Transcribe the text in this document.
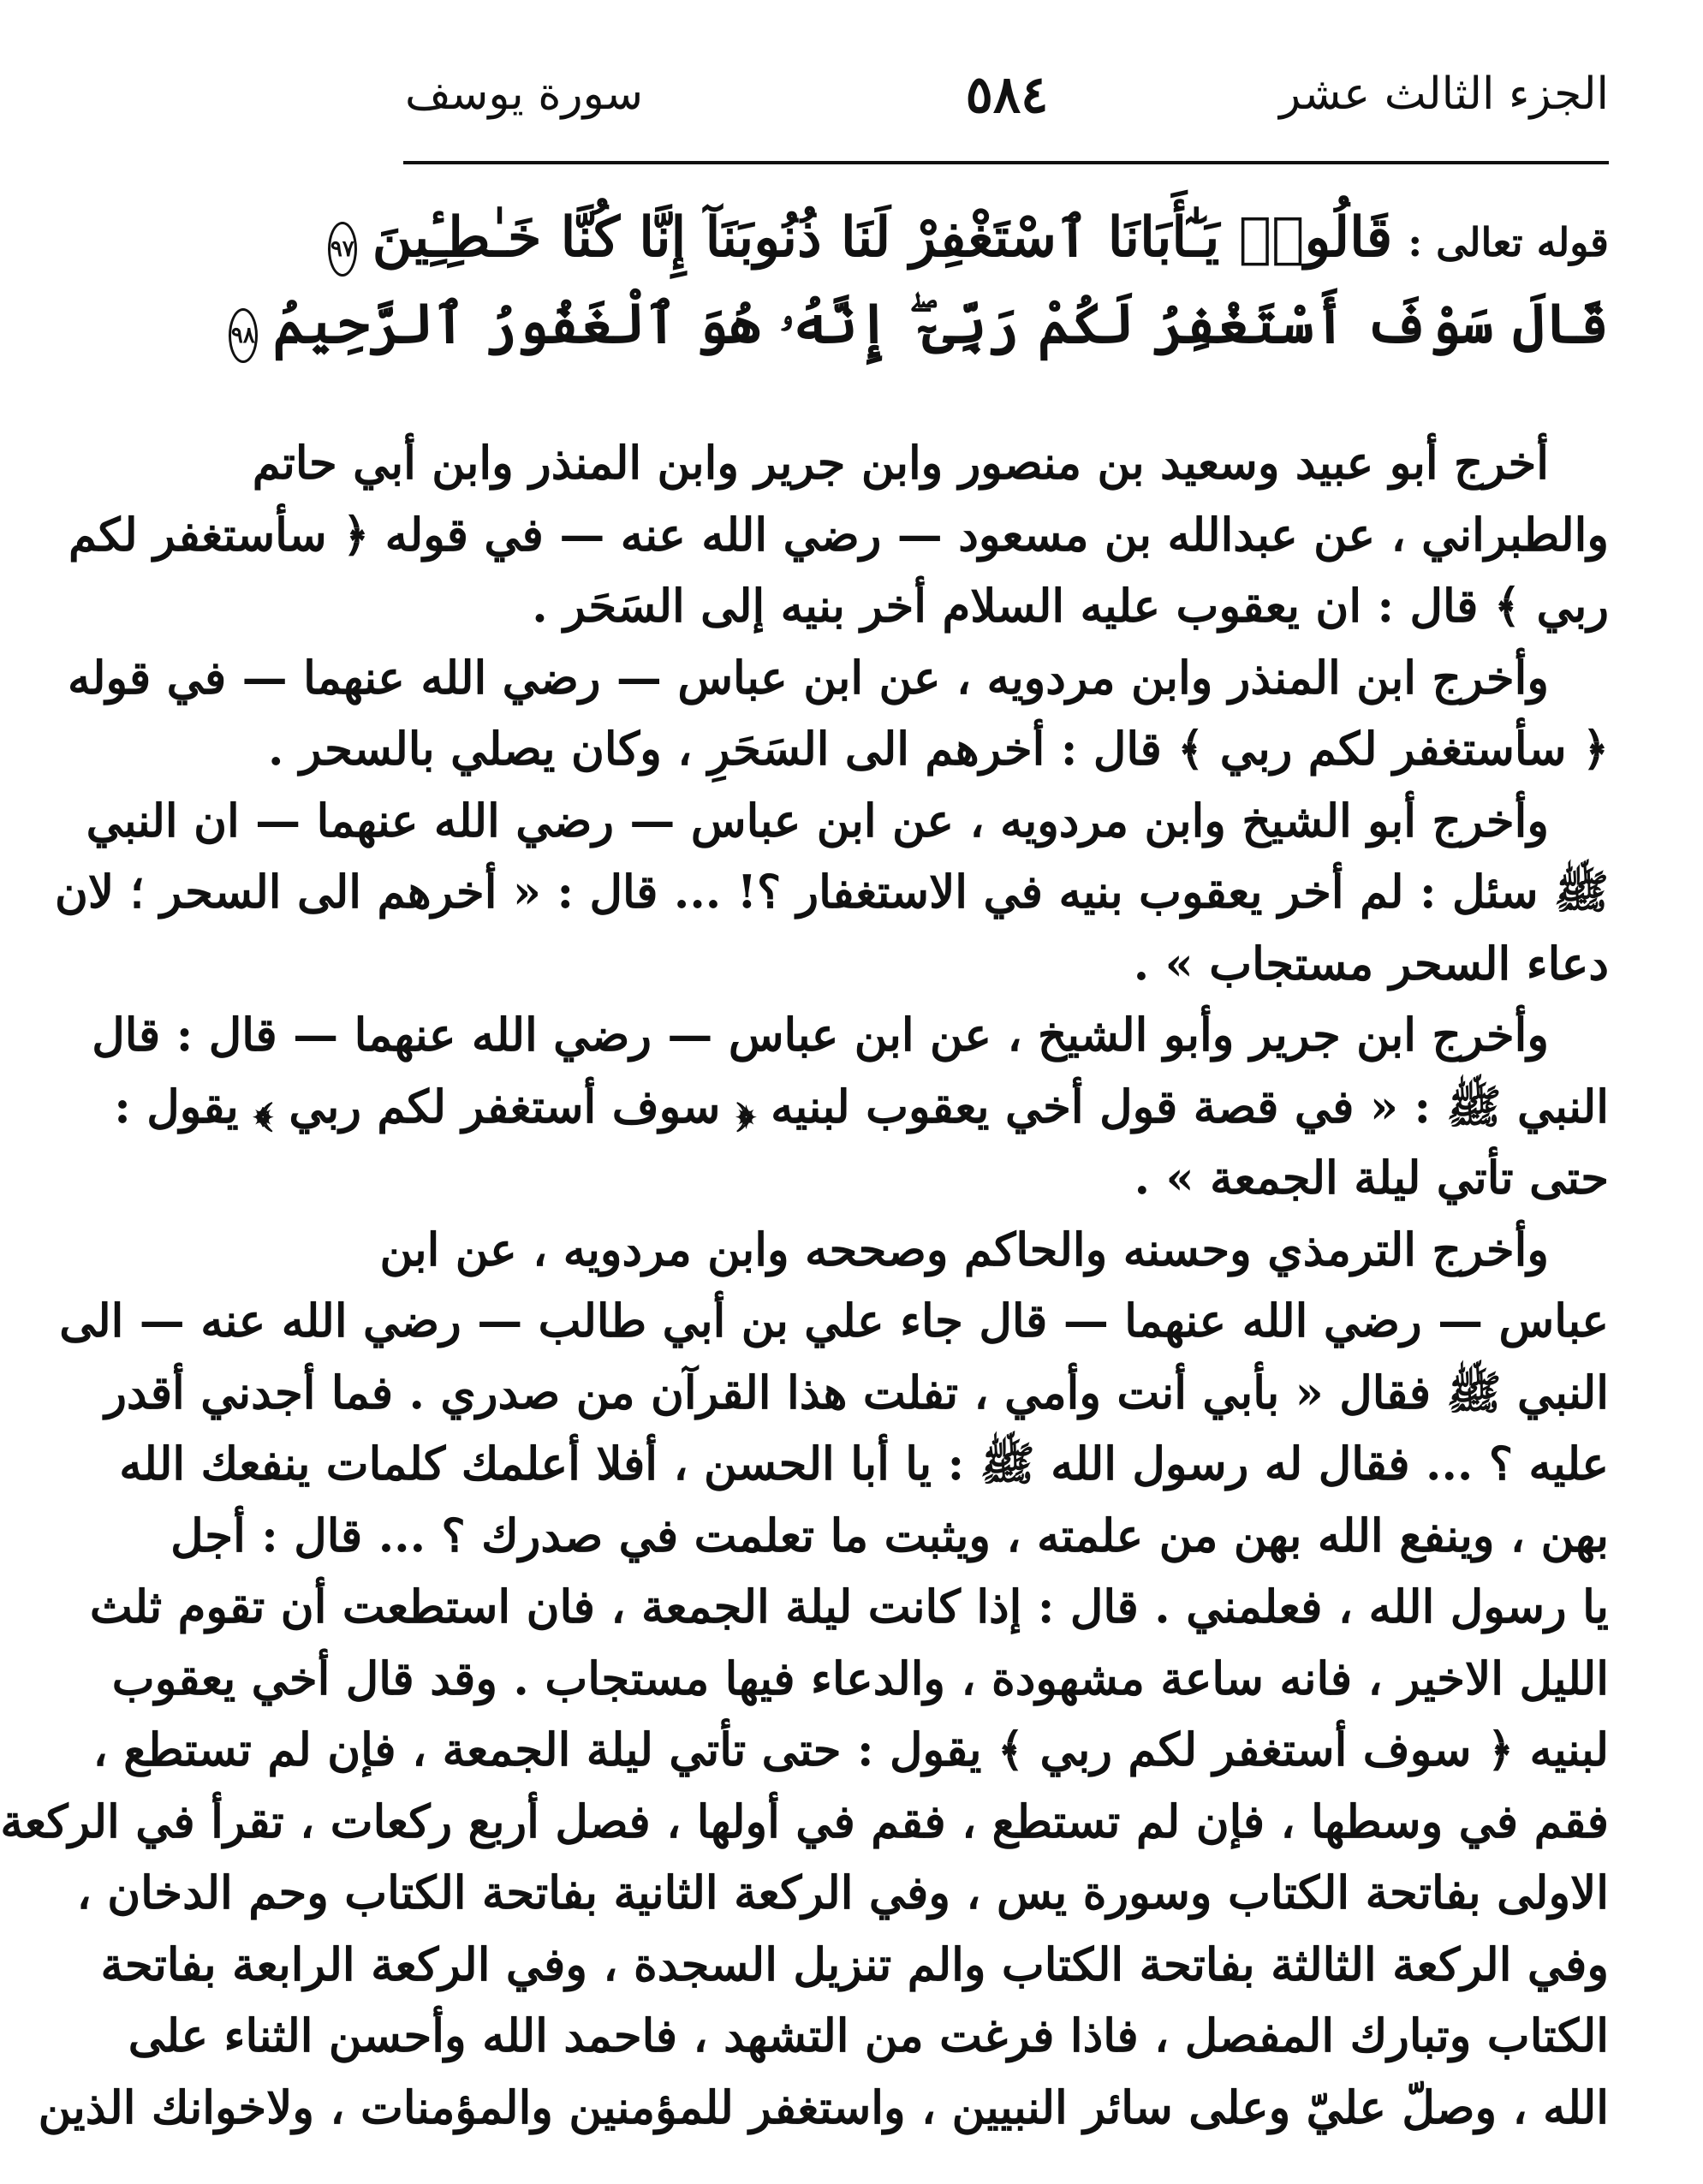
الجزء الثالث عشر
٥٨٤
سورة يوسف
قوله تعالى :
قَالُوا۟ يَـٰٓأَبَانَا ٱسْتَغْفِرْ لَنَا ذُنُوبَنَآ إِنَّا كُنَّا خَـٰطِـِٔينَ
٩٧
قَالَ سَوْفَ أَسْتَغْفِرُ لَكُمْ رَبِّىٓ ۖ إِنَّهُۥ هُوَ ٱلْغَفُورُ ٱلرَّحِيمُ
٩٨
أخرج أبو عبيد وسعيد بن منصور وابن جرير وابن المنذر وابن أبي حاتم
والطبراني ، عن عبدالله بن مسعود — رضي الله عنه — في قوله ﴿ سأستغفر لكم
ربي ﴾ قال : ان يعقوب عليه السلام أخر بنيه إلى السَحَر .
وأخرج ابن المنذر وابن مردويه ، عن ابن عباس — رضي الله عنهما — في قوله
﴿ سأستغفر لكم ربي ﴾ قال : أخرهم الى السَحَرِ ، وكان يصلي بالسحر .
وأخرج أبو الشيخ وابن مردويه ، عن ابن عباس — رضي الله عنهما — ان النبي
ﷺ سئل : لم أخر يعقوب بنيه في الاستغفار ؟! ... قال : « أخرهم الى السحر ؛ لان
دعاء السحر مستجاب » .
وأخرج ابن جرير وأبو الشيخ ، عن ابن عباس — رضي الله عنهما — قال : قال
النبي ﷺ : « في قصة قول أخي يعقوب لبنيه ﴿ سوف أستغفر لكم ربي ﴾ يقول :
حتى تأتي ليلة الجمعة » .
وأخرج الترمذي وحسنه والحاكم وصححه وابن مردويه ، عن ابن
عباس — رضي الله عنهما — قال جاء علي بن أبي طالب — رضي الله عنه — الى
النبي ﷺ فقال « بأبي أنت وأمي ، تفلت هذا القرآن من صدري . فما أجدني أقدر
عليه ؟ ... فقال له رسول الله ﷺ : يا أبا الحسن ، أفلا أعلمك كلمات ينفعك الله
بهن ، وينفع الله بهن من علمته ، ويثبت ما تعلمت في صدرك ؟ ... قال : أجل
يا رسول الله ، فعلمني . قال : إذا كانت ليلة الجمعة ، فان استطعت أن تقوم ثلث
الليل الاخير ، فانه ساعة مشهودة ، والدعاء فيها مستجاب . وقد قال أخي يعقوب
لبنيه ﴿ سوف أستغفر لكم ربي ﴾ يقول : حتى تأتي ليلة الجمعة ، فإن لم تستطع ،
فقم في وسطها ، فإن لم تستطع ، فقم في أولها ، فصل أربع ركعات ، تقرأ في الركعة
الاولى بفاتحة الكتاب وسورة يس ، وفي الركعة الثانية بفاتحة الكتاب وحم الدخان ،
وفي الركعة الثالثة بفاتحة الكتاب والم تنزيل السجدة ، وفي الركعة الرابعة بفاتحة
الكتاب وتبارك المفصل ، فاذا فرغت من التشهد ، فاحمد الله وأحسن الثناء على
الله ، وصلّ عليّ وعلى سائر النبيين ، واستغفر للمؤمنين والمؤمنات ، ولاخوانك الذين
